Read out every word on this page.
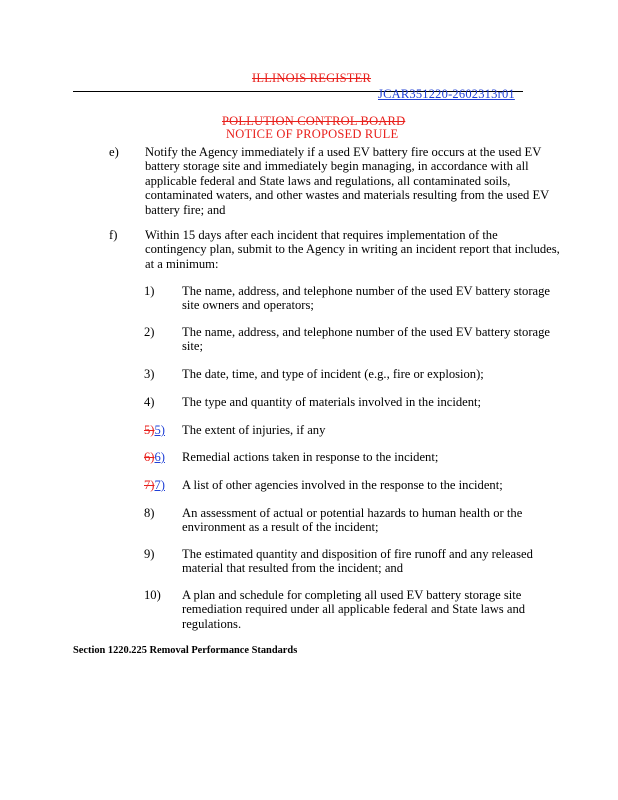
ILLINOIS REGISTER
JCAR351220-2602313r01
POLLUTION CONTROL BOARD
NOTICE OF PROPOSED RULE
e) Notify the Agency immediately if a used EV battery fire occurs at the used EV
battery storage site and immediately begin managing, in accordance with all
applicable federal and State laws and regulations, all contaminated soils,
contaminated waters, and other wastes and materials resulting from the used EV
battery fire; and
f) Within 15 days after each incident that requires implementation of the
contingency plan, submit to the Agency in writing an incident report that includes,
at a minimum:
1) The name, address, and telephone number of the used EV battery storage
site owners and operators;
2) The name, address, and telephone number of the used EV battery storage
site;
3) The date, time, and type of incident (e.g., fire or explosion);
4) The type and quantity of materials involved in the incident;
5)5) The extent of injuries, if any
6)6) Remedial actions taken in response to the incident;
7)7) A list of other agencies involved in the response to the incident;
8) An assessment of actual or potential hazards to human health or the
environment as a result of the incident;
9) The estimated quantity and disposition of fire runoff and any released
material that resulted from the incident; and
10) A plan and schedule for completing all used EV battery storage site
remediation required under all applicable federal and State laws and
regulations.
Section 1220.225 Removal Performance Standards
